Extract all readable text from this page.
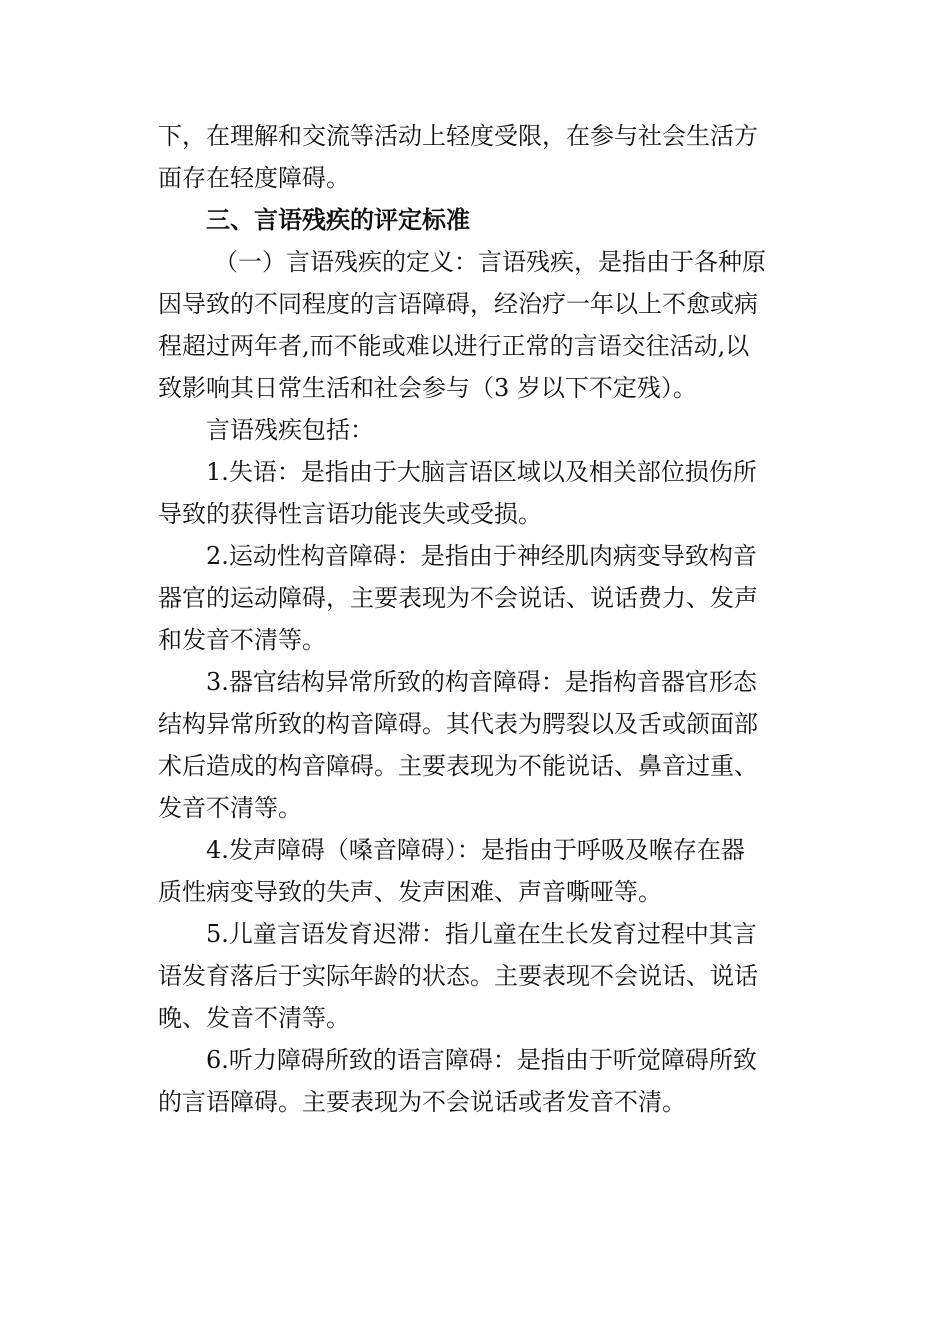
下，在理解和交流等活动上轻度受限，在参与社会生活方
面存在轻度障碍。
三、言语残疾的评定标准
（一）言语残疾的定义：言语残疾，是指由于各种原
因导致的不同程度的言语障碍，经治疗一年以上不愈或病
程超过两年者,而不能或难以进行正常的言语交往活动,以
致影响其日常生活和社会参与（3 岁以下不定残）。
言语残疾包括：
1.失语：是指由于大脑言语区域以及相关部位损伤所
导致的获得性言语功能丧失或受损。
2.运动性构音障碍：是指由于神经肌肉病变导致构音
器官的运动障碍，主要表现为不会说话、说话费力、发声
和发音不清等。
3.器官结构异常所致的构音障碍：是指构音器官形态
结构异常所致的构音障碍。其代表为腭裂以及舌或颌面部
术后造成的构音障碍。主要表现为不能说话、鼻音过重、
发音不清等。
4.发声障碍（嗓音障碍）：是指由于呼吸及喉存在器
质性病变导致的失声、发声困难、声音嘶哑等。
5.儿童言语发育迟滞：指儿童在生长发育过程中其言
语发育落后于实际年龄的状态。主要表现不会说话、说话
晚、发音不清等。
6.听力障碍所致的语言障碍：是指由于听觉障碍所致
的言语障碍。主要表现为不会说话或者发音不清。
